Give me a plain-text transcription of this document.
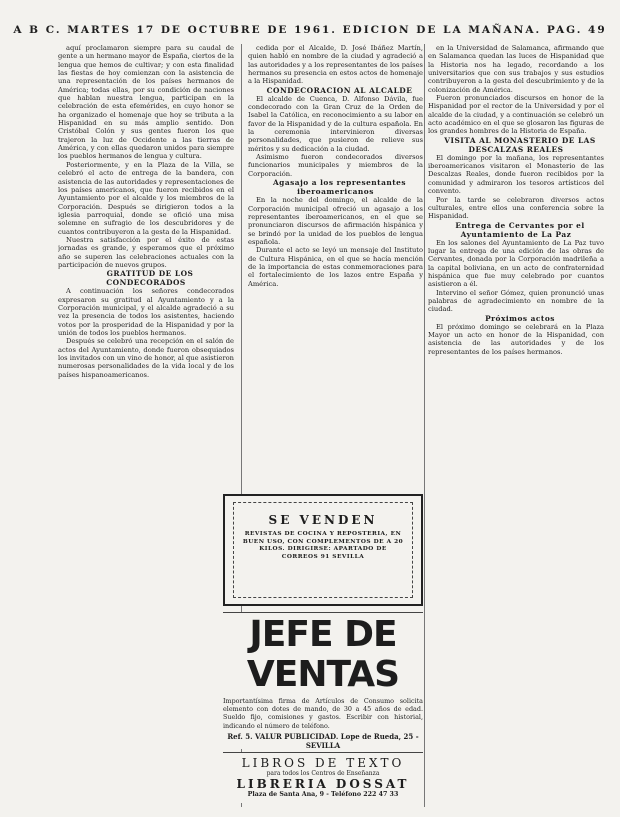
A B C. MARTES 17 DE OCTUBRE DE 1961. EDICION DE LA MAÑANA. PAG. 49

aquí proclamaron siempre para su caudal de gente a un hermano mayor de España, ciertos de la lengua que hemos de cultivar; y con esta finalidad las fiestas de hoy comienzan con la asistencia de una representación de los países hermanos de América; todas ellas, por su condición de naciones que hablan nuestra lengua, participan en la celebración de esta efemérides, en cuyo honor se ha organizado el homenaje que hoy se tributa a la Hispanidad en su más amplio sentido. Don Cristóbal Colón y sus gentes fueron los que trajeron la luz de Occidente a las tierras de América, y con ellas quedaron unidos para siempre los pueblos hermanos de lengua y cultura.

Posteriormente, y en la Plaza de la Villa, se celebró el acto de entrega de la bandera, con asistencia de las autoridades y representaciones de los países americanos, que fueron recibidos en el Ayuntamiento por el alcalde y los miembros de la Corporación. Después se dirigieron todos a la iglesia parroquial, donde se ofició una misa solemne en sufragio de los descubridores y de cuantos contribuyeron a la gesta de la Hispanidad.

Nuestra satisfacción por el éxito de estas jornadas es grande, y esperamos que el próximo año se superen las celebraciones actuales con la participación de nuevos grupos.

GRATITUD DE LOS CONDECORADOS

A continuación los señores condecorados expresaron su gratitud al Ayuntamiento y a la Corporación municipal, y el alcalde agradeció a su vez la presencia de todos los asistentes, haciendo votos por la prosperidad de la Hispanidad y por la unión de todos los pueblos hermanos.

Después se celebró una recepción en el salón de actos del Ayuntamiento, donde fueron obsequiados los invitados con un vino de honor, al que asistieron numerosas personalidades de la vida local y de los países hispanoamericanos.

cedida por el Alcalde, D. José Ibáñez Martín, quien habló en nombre de la ciudad y agradeció a las autoridades y a los representantes de los países hermanos su presencia en estos actos de homenaje a la Hispanidad.

CONDECORACION AL ALCALDE

El alcalde de Cuenca, D. Alfonso Dávila, fue condecorado con la Gran Cruz de la Orden de Isabel la Católica, en reconocimiento a su labor en favor de la Hispanidad y de la cultura española. En la ceremonia intervinieron diversas personalidades, que pusieron de relieve sus méritos y su dedicación a la ciudad.

Asimismo fueron condecorados diversos funcionarios municipales y miembros de la Corporación.

Agasajo a los representantes iberoamericanos

En la noche del domingo, el alcalde de la Corporación municipal ofreció un agasajo a los representantes iberoamericanos, en el que se pronunciaron discursos de afirmación hispánica y se brindó por la unidad de los pueblos de lengua española.

Durante el acto se leyó un mensaje del Instituto de Cultura Hispánica, en el que se hacía mención de la importancia de estas conmemoraciones para el fortalecimiento de los lazos entre España y América.

SE VENDEN
REVISTAS DE COCINA Y REPOSTERIA, EN BUEN USO, CON COMPLEMENTOS DE A 20 KILOS. DIRIGIRSE: APARTADO DE CORREOS 91 SEVILLA
JEFE DE VENTAS
Importantísima firma de Artículos de Consumo solicita elemento con dotes de mando, de 30 a 45 años de edad. Sueldo fijo, comisiones y gastos. Escribir con historial, indicando el número de teléfono.
Ref. 5. VALUR PUBLICIDAD. Lope de Rueda, 25 - SEVILLA
LIBROS DE TEXTO
para todos los Centros de Enseñanza
LIBRERIA DOSSAT
Plaza de Santa Ana, 9 - Teléfono 222 47 33

en la Universidad de Salamanca, afirmando que en Salamanca quedan las luces de Hispanidad que la Historia nos ha legado, recordando a los universitarios que con sus trabajos y sus estudios contribuyeron a la gesta del descubrimiento y de la colonización de América.

Fueron pronunciados discursos en honor de la Hispanidad por el rector de la Universidad y por el alcalde de la ciudad, y a continuación se celebró un acto académico en el que se glosaron las figuras de los grandes hombres de la Historia de España.

VISITA AL MONASTERIO DE LAS DESCALZAS REALES

El domingo por la mañana, los representantes iberoamericanos visitaron el Monasterio de las Descalzas Reales, donde fueron recibidos por la comunidad y admiraron los tesoros artísticos del convento.

Por la tarde se celebraron diversos actos culturales, entre ellos una conferencia sobre la Hispanidad.

Entrega de Cervantes por el Ayuntamiento de La Paz

En los salones del Ayuntamiento de La Paz tuvo lugar la entrega de una edición de las obras de Cervantes, donada por la Corporación madrileña a la capital boliviana, en un acto de confraternidad hispánica que fue muy celebrado por cuantos asistieron a él.

Intervino el señor Gómez, quien pronunció unas palabras de agradecimiento en nombre de la ciudad.

Próximos actos

El próximo domingo se celebrará en la Plaza Mayor un acto en honor de la Hispanidad, con asistencia de las autoridades y de los representantes de los países hermanos.
